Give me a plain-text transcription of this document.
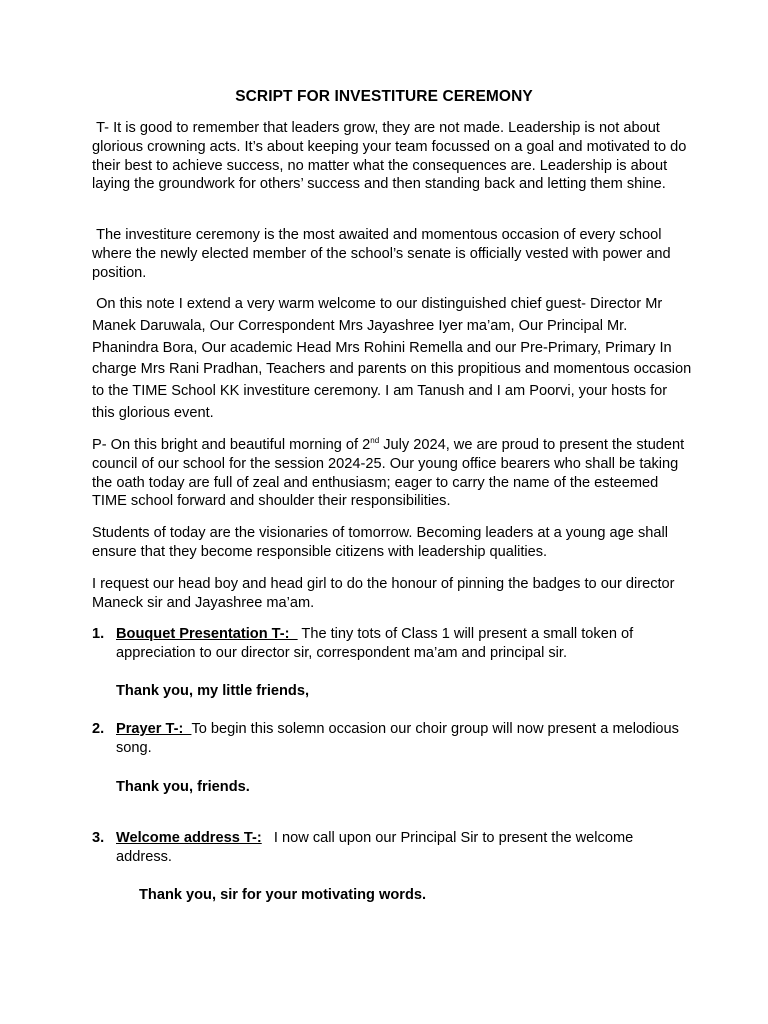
SCRIPT FOR INVESTITURE CEREMONY

T- It is good to remember that leaders grow, they are not made. Leadership is not about glorious crowning acts. It’s about keeping your team focussed on a goal and motivated to do their best to achieve success, no matter what the consequences are. Leadership is about laying the groundwork for others’ success and then standing back and letting them shine.

The investiture ceremony is the most awaited and momentous occasion of every school where the newly elected member of the school’s senate is officially vested with power and position.

On this note I extend a very warm welcome to our distinguished chief guest- Director Mr Manek Daruwala, Our Correspondent Mrs Jayashree Iyer ma’am, Our Principal Mr. Phanindra Bora, Our academic Head Mrs Rohini Remella and our Pre-Primary, Primary In charge Mrs Rani Pradhan, Teachers and parents on this propitious and momentous occasion to the TIME School KK investiture ceremony. I am Tanush and I am Poorvi, your hosts for this glorious event.

P- On this bright and beautiful morning of 2nd July 2024, we are proud to present the student council of our school for the session 2024-25. Our young office bearers who shall be taking the oath today are full of zeal and enthusiasm; eager to carry the name of the esteemed TIME school forward and shoulder their responsibilities.

Students of today are the visionaries of tomorrow. Becoming leaders at a young age shall ensure that they become responsible citizens with leadership qualities.

I request our head boy and head girl to do the honour of pinning the badges to our director Maneck sir and Jayashree ma’am.

1. Bouquet Presentation T-:   The tiny tots of Class 1 will present a small token of appreciation to our director sir, correspondent ma’am and principal sir.
Thank you, my little friends,
2. Prayer T-:  To begin this solemn occasion our choir group will now present a melodious song.
Thank you, friends.
3. Welcome address T-:   I now call upon our Principal Sir to present the welcome address.
Thank you, sir for your motivating words.
